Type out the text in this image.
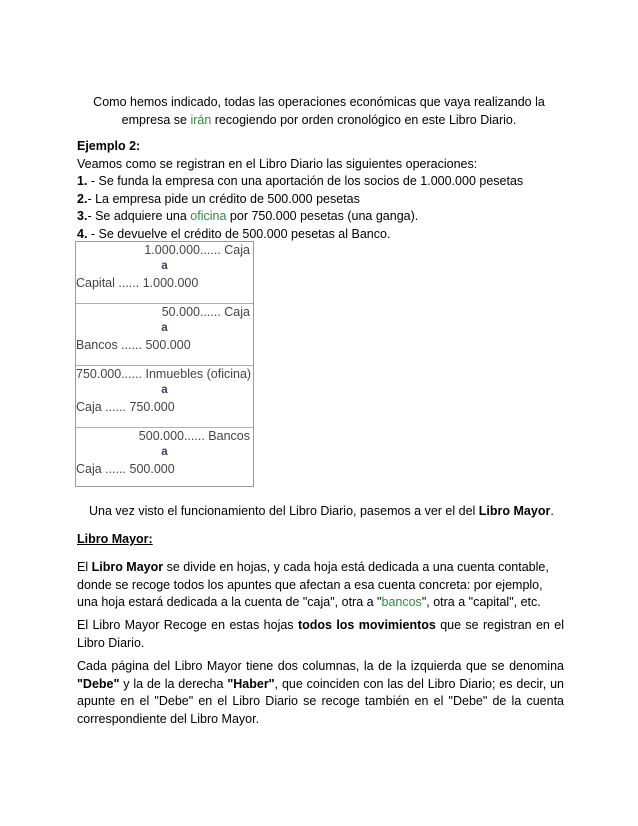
Como hemos indicado, todas las operaciones económicas que vaya realizando la empresa se irán recogiendo por orden cronológico en este Libro Diario.
Ejemplo 2:
Veamos como se registran en el Libro Diario las siguientes operaciones:
1. - Se funda la empresa con una aportación de los socios de 1.000.000 pesetas
2.- La empresa pide un crédito de 500.000 pesetas
3.- Se adquiere una oficina por 750.000 pesetas (una ganga).
4. - Se devuelve el crédito de 500.000 pesetas al Banco.
1.000.000...... Caja
a
Capital ...... 1.000.000
50.000...... Caja
a
Bancos ...... 500.000
750.000...... Inmuebles (oficina)
a
Caja ...... 750.000
500.000...... Bancos
a
Caja ...... 500.000
Una vez visto el funcionamiento del Libro Diario, pasemos a ver el del Libro Mayor.
Libro Mayor:
El Libro Mayor se divide en hojas, y cada hoja está dedicada a una cuenta contable, donde se recoge todos los apuntes que afectan a esa cuenta concreta: por ejemplo, una hoja estará dedicada a la cuenta de "caja", otra a "bancos", otra a "capital", etc.
El Libro Mayor Recoge en estas hojas todos los movimientos que se registran en el Libro Diario.
Cada página del Libro Mayor tiene dos columnas, la de la izquierda que se denomina "Debe" y la de la derecha "Haber", que coinciden con las del Libro Diario; es decir, un apunte en el "Debe" en el Libro Diario se recoge también en el "Debe" de la cuenta correspondiente del Libro Mayor.
